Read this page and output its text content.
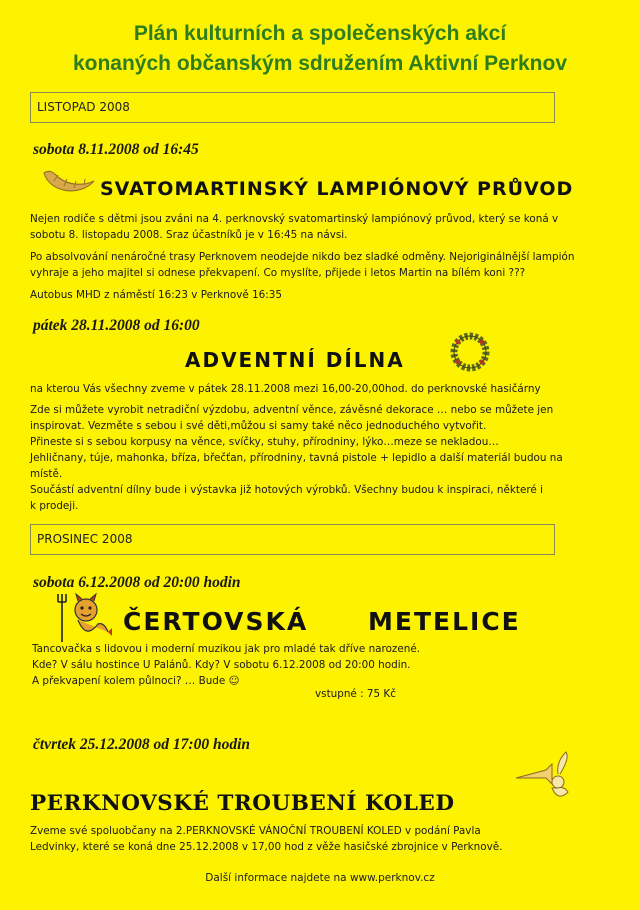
Plán kulturních a společenských akcí
konaných občanským sdružením Aktivní Perknov
LISTOPAD 2008
sobota 8.11.2008 od 16:45
SVATOMARTINSKÝ LAMPIÓNOVÝ PRŮVOD
Nejen rodiče s dětmi jsou zváni na 4. perknovský svatomartinský lampiónový průvod, který se koná v
sobotu 8. listopadu 2008. Sraz účastníků je v 16:45 na návsi.
Po absolvování nenáročné trasy Perknovem neodejde nikdo bez sladké odměny. Nejoriginálnější lampión
vyhraje a jeho majitel si odnese překvapení. Co myslíte, přijede i letos Martin na bílém koni ???
Autobus MHD z náměstí 16:23 v Perknově 16:35
pátek 28.11.2008 od 16:00
ADVENTNÍ DÍLNA
na kterou Vás všechny zveme v pátek 28.11.2008 mezi 16,00-20,00hod. do perknovské hasičárny
Zde si můžete vyrobit netradiční výzdobu, adventní věnce, závěsné dekorace … nebo se můžete jen
inspirovat. Vezměte s sebou i své děti,můžou si samy také něco jednoduchého vytvořit.
Přineste si s sebou korpusy na věnce, svíčky, stuhy, přírodniny, lýko…meze se nekladou…
Jehličnany, túje, mahonka, bříza, břečťan, přírodniny, tavná pistole + lepidlo a další materiál budou na
místě.
Součástí adventní dílny bude i výstavka již hotových výrobků. Všechny budou k inspiraci, některé i
k prodeji.
PROSINEC 2008
sobota 6.12.2008 od 20:00 hodin
ČERTOVSKÁ METELICE
Tancovačka s lidovou i moderní muzikou jak pro mladé tak dříve narozené.
Kde? V sálu hostince U Palánů. Kdy? V sobotu 6.12.2008 od 20:00 hodin.
A překvapení kolem půlnoci? … Bude ☺
vstupné : 75 Kč
čtvrtek 25.12.2008 od 17:00 hodin
PERKNOVSKÉ TROUBENÍ KOLED
Zveme své spoluobčany na 2.PERKNOVSKÉ VÁNOČNÍ TROUBENÍ KOLED v podání Pavla
Ledvinky, které se koná dne 25.12.2008 v 17,00 hod z věže hasičské zbrojnice v Perknově.
Další informace najdete na www.perknov.cz
